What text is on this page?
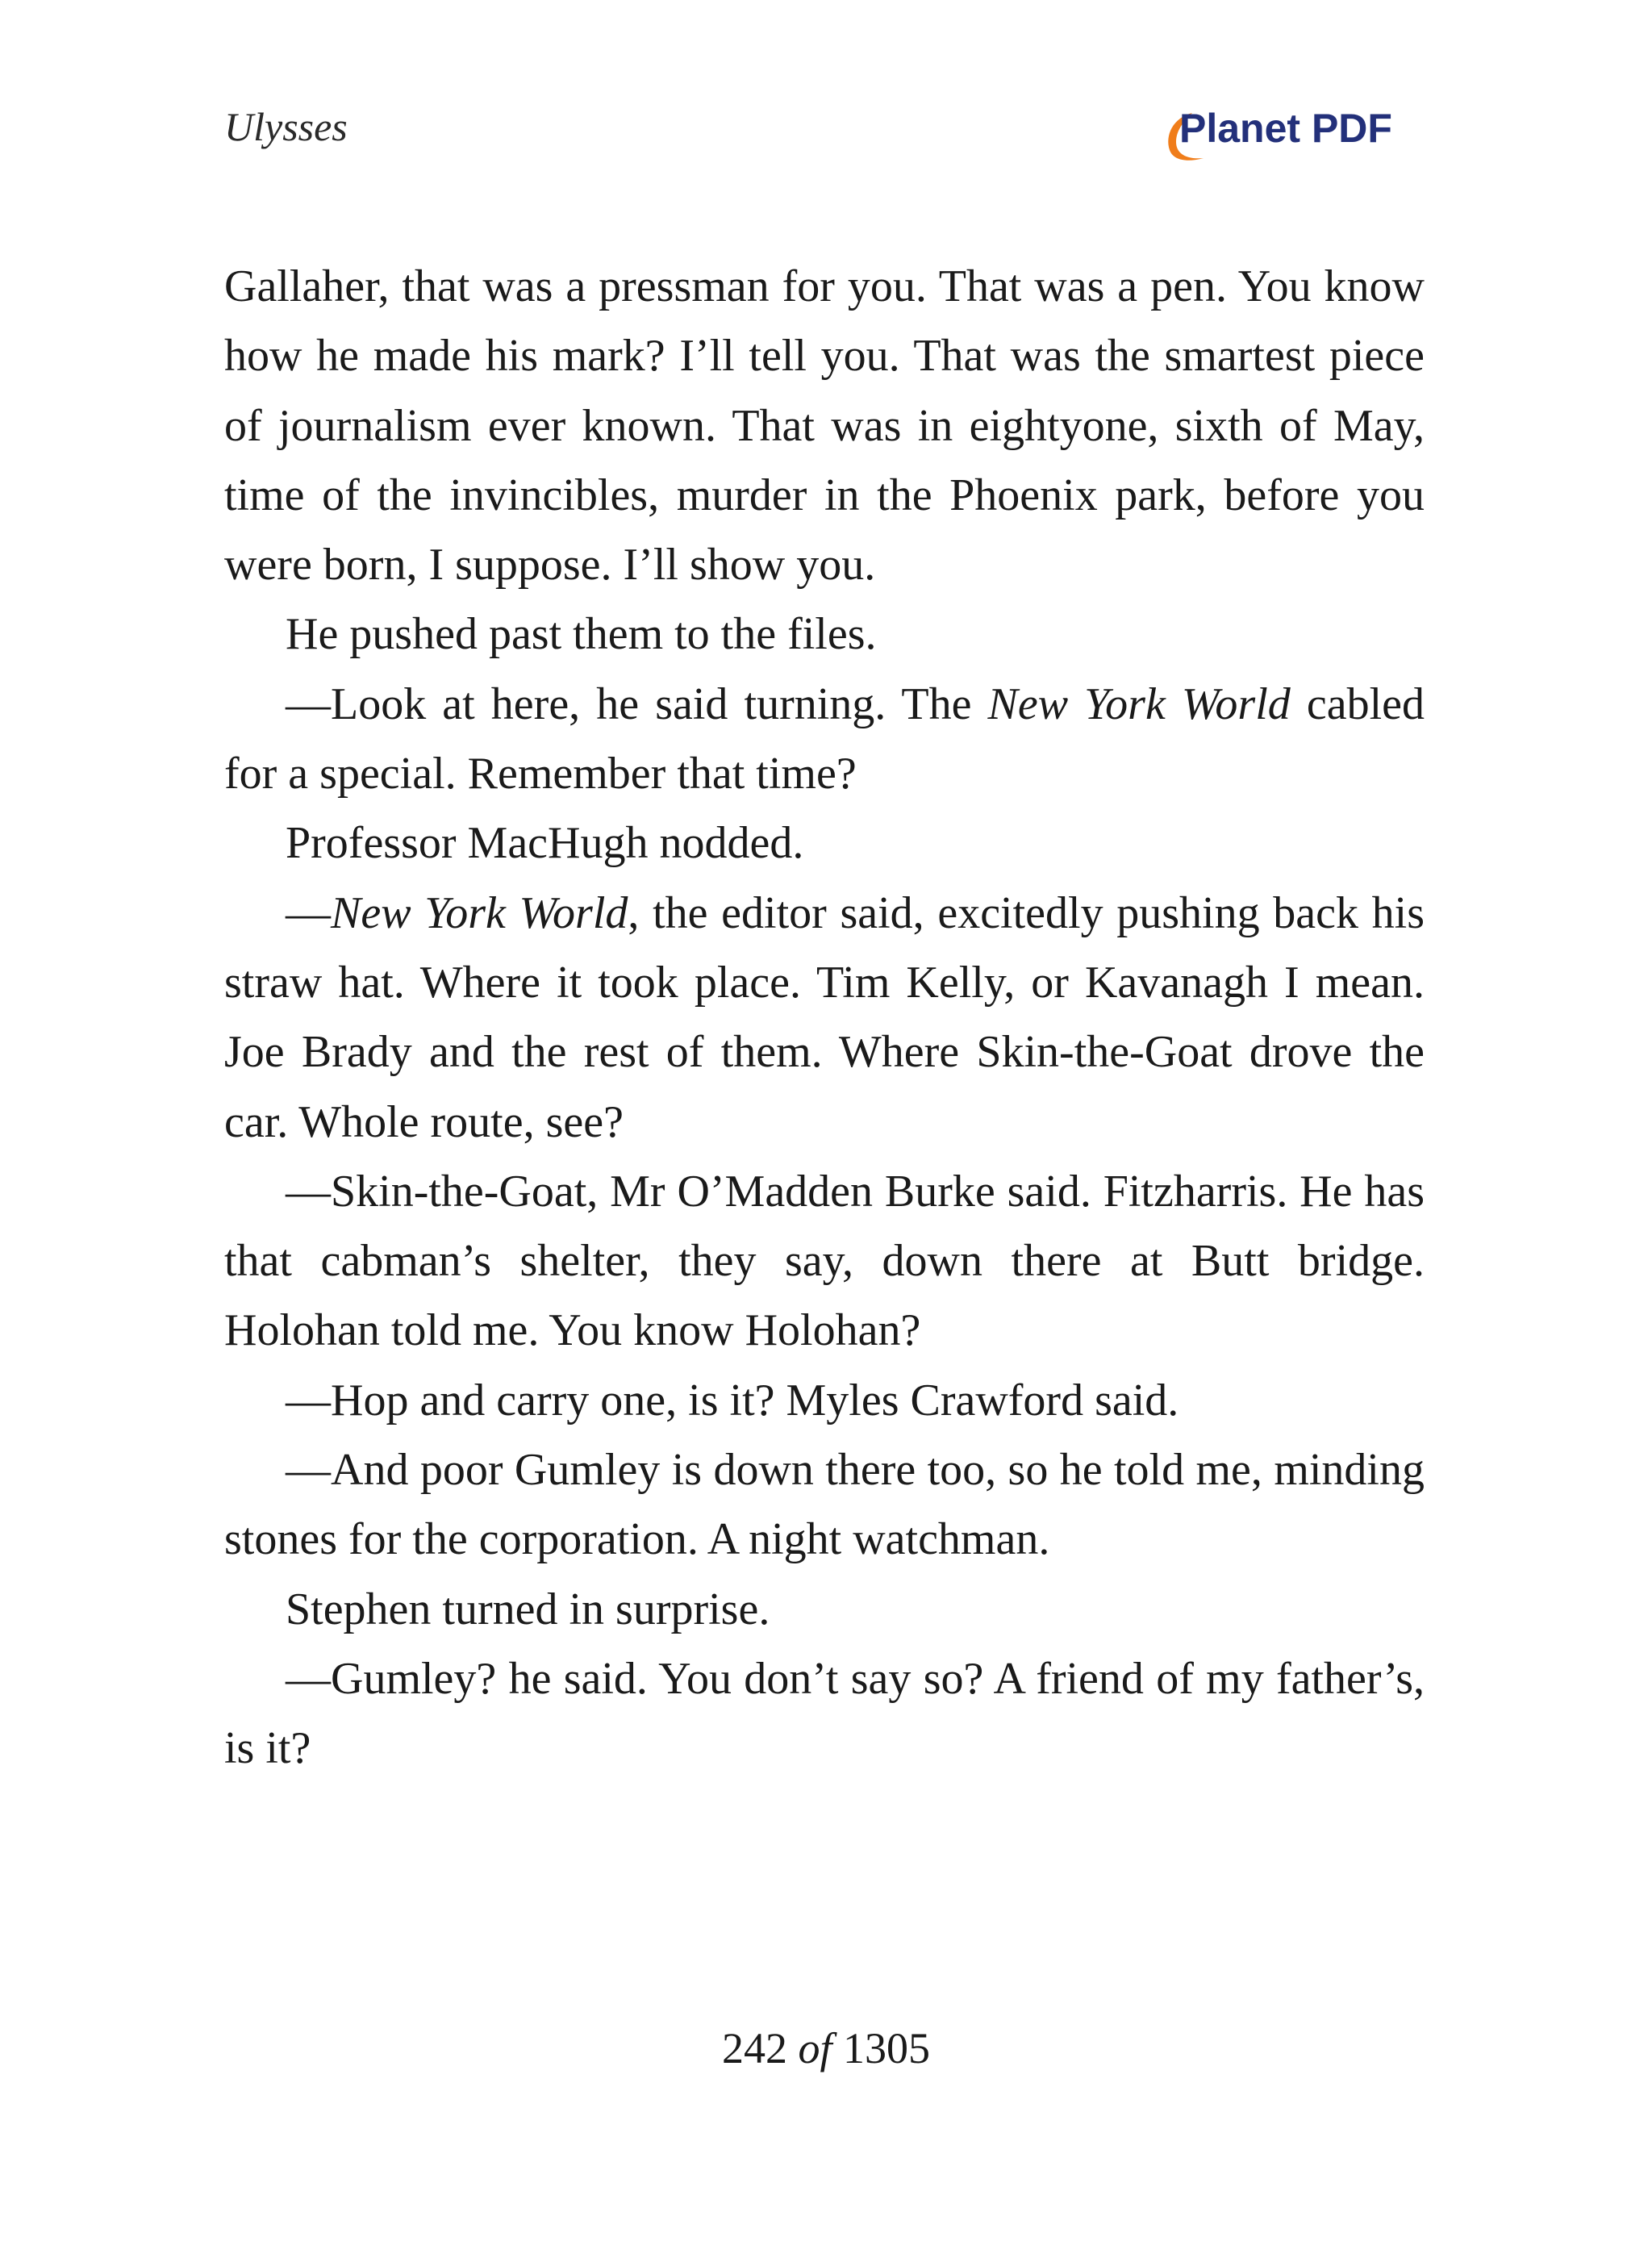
Ulysses	Planet PDF

Gallaher, that was a pressman for you. That was a pen. You know how he made his mark? I’ll tell you. That was the smartest piece of journalism ever known. That was in eightyone, sixth of May, time of the invincibles, murder in the Phoenix park, before you were born, I suppose. I’ll show you.

He pushed past them to the files.

—Look at here, he said turning. The New York World cabled for a special. Remember that time?

Professor MacHugh nodded.

—New York World, the editor said, excitedly pushing back his straw hat. Where it took place. Tim Kelly, or Kavanagh I mean. Joe Brady and the rest of them. Where Skin-the-Goat drove the car. Whole route, see?

—Skin-the-Goat, Mr O’Madden Burke said. Fitzharris. He has that cabman’s shelter, they say, down there at Butt bridge. Holohan told me. You know Holohan?

—Hop and carry one, is it? Myles Crawford said.

—And poor Gumley is down there too, so he told me, minding stones for the corporation. A night watchman.

Stephen turned in surprise.

—Gumley? he said. You don’t say so? A friend of my father’s, is it?

242 of 1305
